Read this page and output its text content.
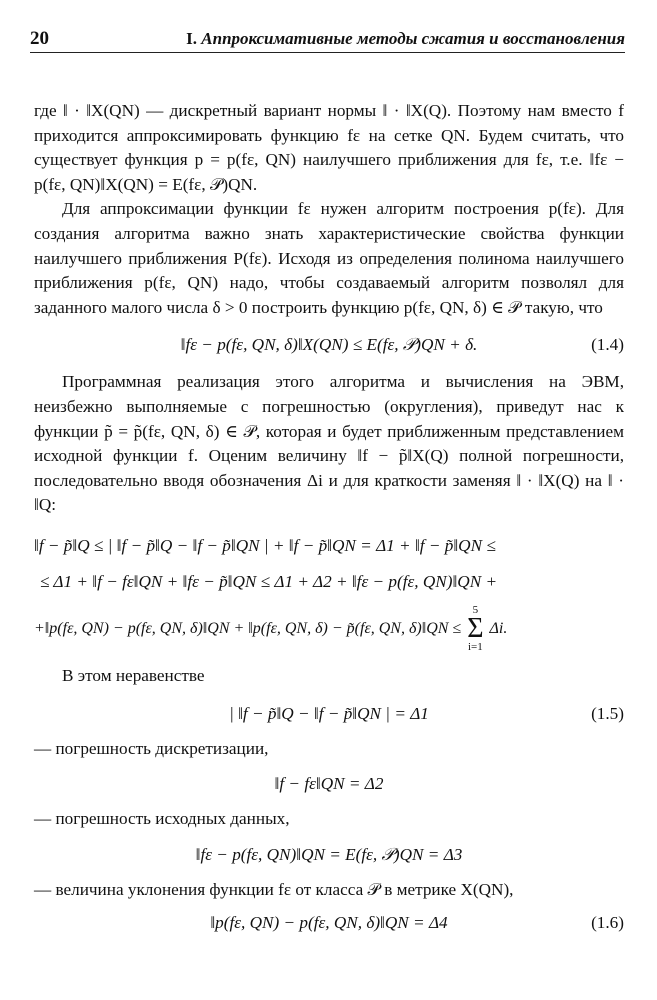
20	I. Аппроксимативные методы сжатия и восстановления

где ‖ · ‖X(QN) — дискретный вариант нормы ‖ · ‖X(Q). Поэтому нам вместо f приходится аппроксимировать функцию fε на сетке QN. Будем считать, что существует функция p = p(fε, QN) наилучшего приближения для fε, т.е. ‖fε − p(fε, QN)‖X(QN) = E(fε, 𝒫)QN.

Для аппроксимации функции fε нужен алгоритм построения p(fε). Для создания алгоритма важно знать характеристические свойства функции наилучшего приближения P(fε). Исходя из определения полинома наилучшего приближения p(fε, QN) надо, чтобы создаваемый алгоритм позволял для заданного малого числа δ > 0 построить функцию p(fε, QN, δ) ∈ 𝒫 такую, что

‖fε − p(fε, QN, δ)‖X(QN) ≤ E(fε, 𝒫)QN + δ.	(1.4)

Программная реализация этого алгоритма и вычисления на ЭВМ, неизбежно выполняемые с погрешностью (округления), приведут нас к функции p̃ = p̃(fε, QN, δ) ∈ 𝒫, которая и будет приближенным представлением исходной функции f. Оценим величину ‖f − p̃‖X(Q) полной погрешности, последовательно вводя обозначения Δi и для краткости заменяя ‖ · ‖X(Q) на ‖ · ‖Q:

‖f − p̃‖Q ≤ | ‖f − p̃‖Q − ‖f − p̃‖QN | + ‖f − p̃‖QN = Δ1 + ‖f − p̃‖QN ≤
≤ Δ1 + ‖f − fε‖QN + ‖fε − p̃‖QN ≤ Δ1 + Δ2 + ‖fε − p(fε, QN)‖QN +
+‖p(fε, QN) − p(fε, QN, δ)‖QN + ‖p(fε, QN, δ) − p̃(fε, QN, δ)‖QN ≤
5
Σ
i=1
Δi.

В этом неравенстве

| ‖f − p̃‖Q − ‖f − p̃‖QN | = Δ1	(1.5)

— погрешность дискретизации,

‖f − fε‖QN = Δ2

— погрешность исходных данных,

‖fε − p(fε, QN)‖QN = E(fε, 𝒫)QN = Δ3

— величина уклонения функции fε от класса 𝒫 в метрике X(QN),

‖p(fε, QN) − p(fε, QN, δ)‖QN = Δ4	(1.6)
